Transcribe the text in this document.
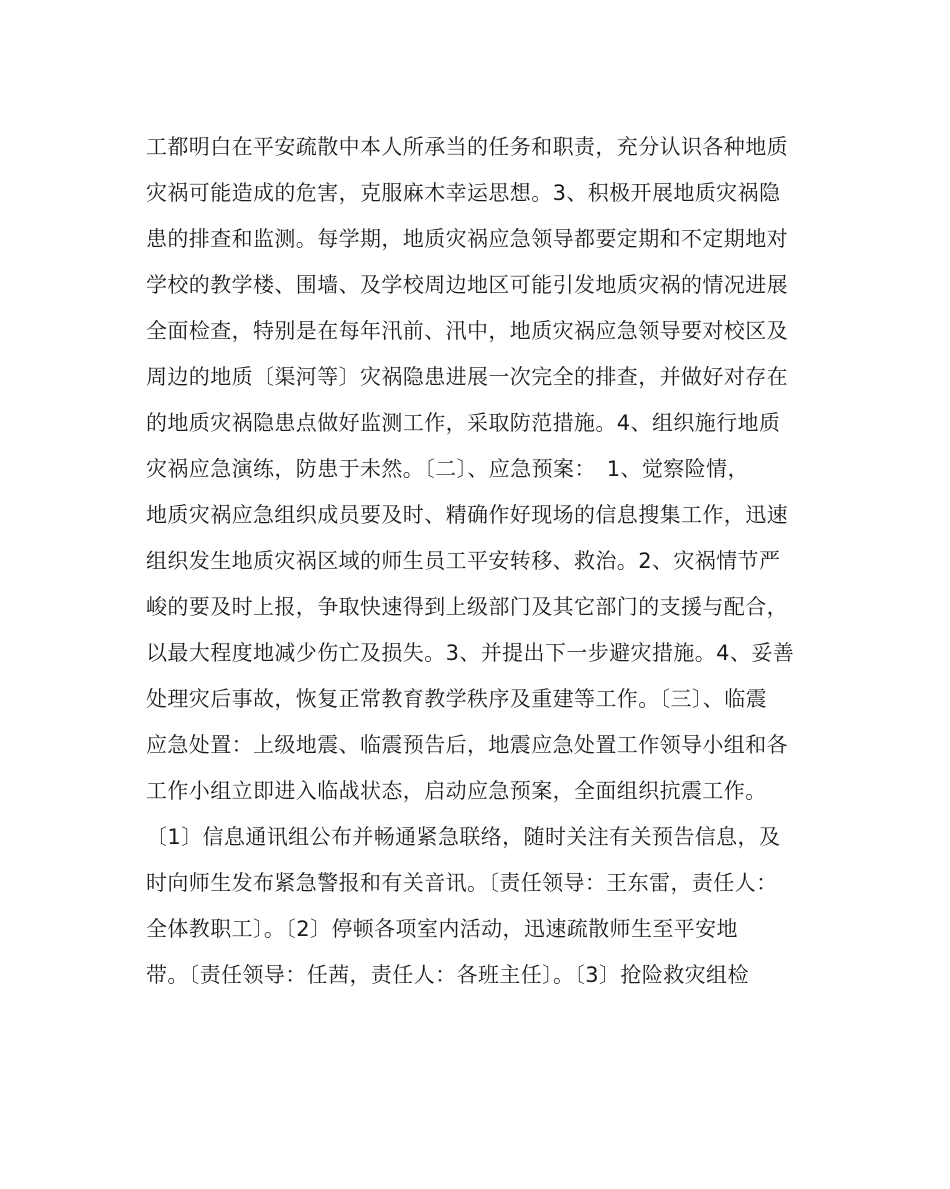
工都明白在平安疏散中本人所承当的任务和职责，充分认识各种地质
灾祸可能造成的危害，克服麻木幸运思想。3、积极开展地质灾祸隐
患的排查和监测。每学期，地质灾祸应急领导都要定期和不定期地对
学校的教学楼、围墙、及学校周边地区可能引发地质灾祸的情况进展
全面检查，特别是在每年汛前、汛中，地质灾祸应急领导要对校区及
周边的地质〔渠河等〕灾祸隐患进展一次完全的排查，并做好对存在
的地质灾祸隐患点做好监测工作，采取防范措施。4、组织施行地质
灾祸应急演练，防患于未然。〔二〕、应急预案：　1、觉察险情，
地质灾祸应急组织成员要及时、精确作好现场的信息搜集工作，迅速
组织发生地质灾祸区域的师生员工平安转移、救治。2、灾祸情节严
峻的要及时上报，争取快速得到上级部门及其它部门的支援与配合，
以最大程度地减少伤亡及损失。3、并提出下一步避灾措施。4、妥善
处理灾后事故，恢复正常教育教学秩序及重建等工作。〔三〕、临震
应急处置：上级地震、临震预告后，地震应急处置工作领导小组和各
工作小组立即进入临战状态，启动应急预案，全面组织抗震工作。
〔1〕信息通讯组公布并畅通紧急联络，随时关注有关预告信息，及
时向师生发布紧急警报和有关音讯。〔责任领导：王东雷，责任人：
全体教职工〕。〔2〕停顿各项室内活动，迅速疏散师生至平安地
带。〔责任领导：任茜，责任人：各班主任〕。〔3〕抢险救灾组检
